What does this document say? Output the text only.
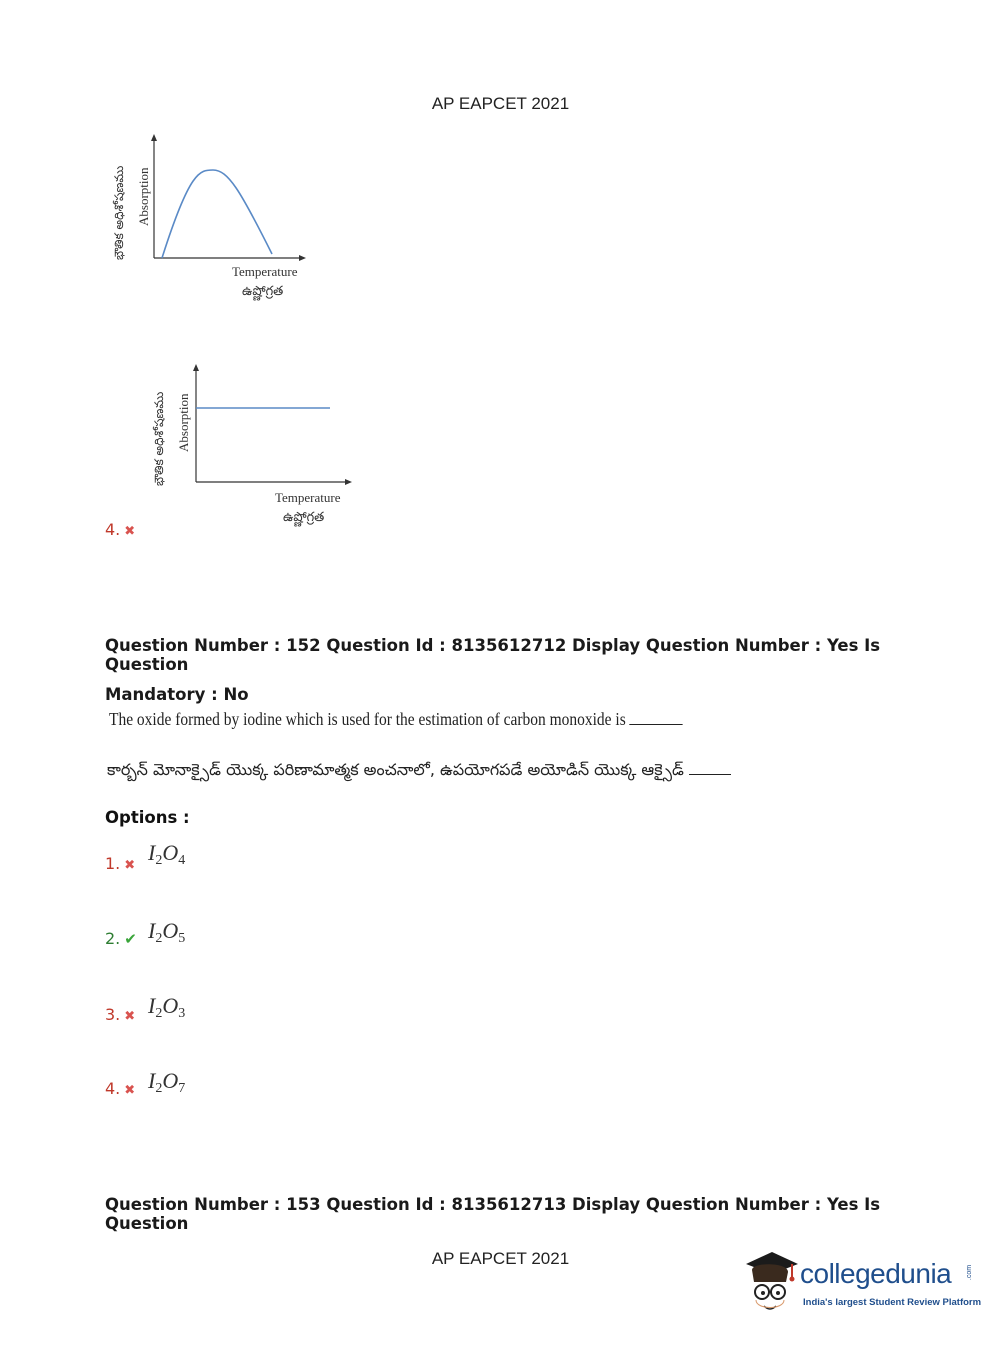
AP EAPCET 2021
భౌతిక అధిశోషణము Absorption
Temperature
ఉష్ణోగ్రత
భౌతిక అధిశోషణము Absorption
Temperature
ఉష్ణోగ్రత
4. ✖
Question Number : 152 Question Id : 8135612712 Display Question Number : Yes Is Question
Mandatory : No
The oxide formed by iodine which is used for the estimation of carbon monoxide is
కార్బన్ మోనాక్సైడ్ యొక్క పరిణామాత్మక అంచనాలో, ఉపయోగపడే అయోడిన్ యొక్క ఆక్సైడ్
Options :
1. ✖
$I_2O_4$
2. ✔ $I_2O_5$
3. ✖ $I_2O_3$
4. ✖ $I_2O_7$
Question Number : 153 Question Id : 8135612713 Display Question Number : Yes Is Question
AP EAPCET 2021	collegedunia .com
India's largest Student Review Platform
